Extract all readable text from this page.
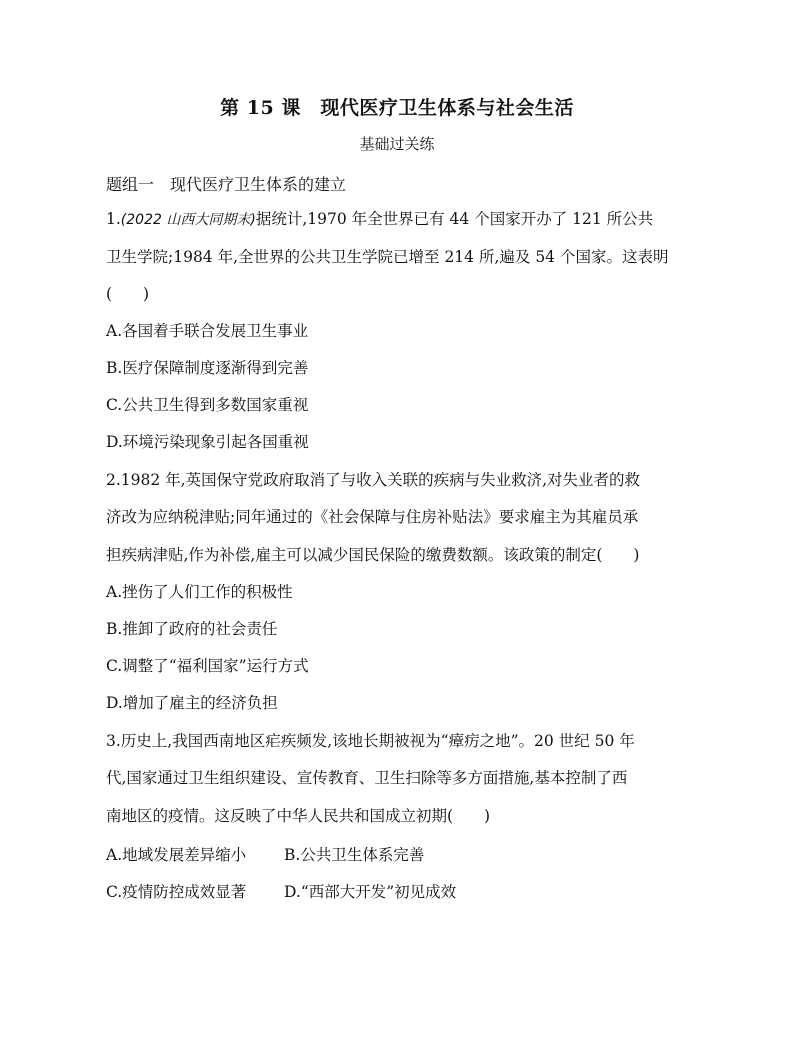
第 15 课　现代医疗卫生体系与社会生活
基础过关练
题组一　现代医疗卫生体系的建立
1.(2022 山西大同期末)据统计,1970 年全世界已有 44 个国家开办了 121 所公共
卫生学院;1984 年,全世界的公共卫生学院已增至 214 所,遍及 54 个国家。这表明
(　　)
A.各国着手联合发展卫生事业
B.医疗保障制度逐渐得到完善
C.公共卫生得到多数国家重视
D.环境污染现象引起各国重视
2.1982 年,英国保守党政府取消了与收入关联的疾病与失业救济,对失业者的救
济改为应纳税津贴;同年通过的《社会保障与住房补贴法》要求雇主为其雇员承
担疾病津贴,作为补偿,雇主可以减少国民保险的缴费数额。该政策的制定(　　)
A.挫伤了人们工作的积极性
B.推卸了政府的社会责任
C.调整了“福利国家”运行方式
D.增加了雇主的经济负担
3.历史上,我国西南地区疟疾频发,该地长期被视为“瘴疠之地”。20 世纪 50 年
代,国家通过卫生组织建设、宣传教育、卫生扫除等多方面措施,基本控制了西
南地区的疫情。这反映了中华人民共和国成立初期(　　)
A.地域发展差异缩小 B.公共卫生体系完善
C.疫情防控成效显著 D.“西部大开发”初见成效
